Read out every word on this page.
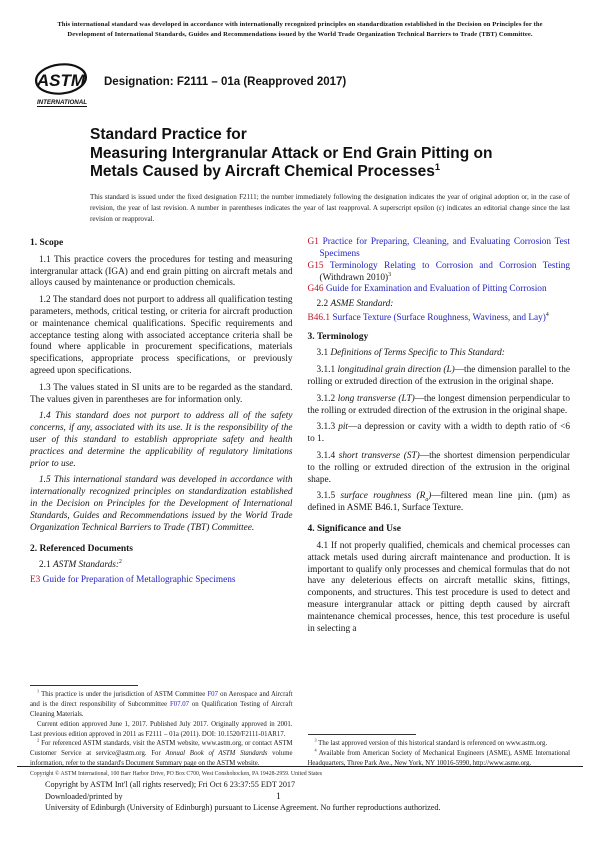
This international standard was developed in accordance with internationally recognized principles on standardization established in the Decision on Principles for the Development of International Standards, Guides and Recommendations issued by the World Trade Organization Technical Barriers to Trade (TBT) Committee.
ASTM
INTERNATIONAL
Designation: F2111 – 01a (Reapproved 2017)
Standard Practice for
Measuring Intergranular Attack or End Grain Pitting on
Metals Caused by Aircraft Chemical Processes$^1$

This standard is issued under the fixed designation F2111; the number immediately following the designation indicates the year of original adoption or, in the case of revision, the year of last revision. A number in parentheses indicates the year of last reapproval. A superscript epsilon (ε) indicates an editorial change since the last revision or reapproval.

1. Scope

1.1 This practice covers the procedures for testing and measuring intergranular attack (IGA) and end grain pitting on aircraft metals and alloys caused by maintenance or production chemicals.

1.2 The standard does not purport to address all qualification testing parameters, methods, critical testing, or criteria for aircraft production or maintenance chemical qualifications. Specific requirements and acceptance testing along with associated acceptance criteria shall be found where applicable in procurement specifications, materials specifications, appropriate process specifications, or previously agreed upon specifications.

1.3 The values stated in SI units are to be regarded as the standard. The values given in parentheses are for information only.

1.4 This standard does not purport to address all of the safety concerns, if any, associated with its use. It is the responsibility of the user of this standard to establish appropriate safety and health practices and determine the applicability of regulatory limitations prior to use.

1.5 This international standard was developed in accordance with internationally recognized principles on standardization established in the Decision on Principles for the Development of International Standards, Guides and Recommendations issued by the World Trade Organization Technical Barriers to Trade (TBT) Committee.

2. Referenced Documents

2.1 ASTM Standards:$^2$

E3 Guide for Preparation of Metallographic Specimens

$^1$ This practice is under the jurisdiction of ASTM Committee F07 on Aerospace and Aircraft and is the direct responsibility of Subcommittee F07.07 on Qualification Testing of Aircraft Cleaning Materials.

Current edition approved June 1, 2017. Published July 2017. Originally approved in 2001. Last previous edition approved in 2011 as F2111 – 01a (2011). DOI: 10.1520/F2111-01AR17.

$^2$ For referenced ASTM standards, visit the ASTM website, www.astm.org, or contact ASTM Customer Service at service@astm.org. For Annual Book of ASTM Standards volume information, refer to the standard's Document Summary page on the ASTM website.

G1 Practice for Preparing, Cleaning, and Evaluating Corrosion Test Specimens
G15 Terminology Relating to Corrosion and Corrosion Testing (Withdrawn 2010)$^3$
G46 Guide for Examination and Evaluation of Pitting Corrosion

2.2 ASME Standard:

B46.1 Surface Texture (Surface Roughness, Waviness, and Lay)$^4$
3. Terminology

3.1 Definitions of Terms Specific to This Standard:

3.1.1 longitudinal grain direction (L)—the dimension parallel to the rolling or extruded direction of the extrusion in the original shape.

3.1.2 long transverse (LT)—the longest dimension perpendicular to the rolling or extruded direction of the extrusion in the original shape.

3.1.3 pit—a depression or cavity with a width to depth ratio of <6 to 1.

3.1.4 short transverse (ST)—the shortest dimension perpendicular to the rolling or extruded direction of the extrusion in the original shape.

3.1.5 surface roughness $(R_a)—filtered$ mean line µin. (µm) as defined in ASME B46.1, Surface Texture.

4. Significance and Use

4.1 If not properly qualified, chemicals and chemical processes can attack metals used during aircraft maintenance and production. It is important to qualify only processes and chemical formulas that do not have any deleterious effects on aircraft metallic skins, fittings, components, and structures. This test procedure is used to detect and measure intergranular attack or pitting depth caused by aircraft maintenance chemical processes, hence, this test procedure is useful in selecting a

$^3$ The last approved version of this historical standard is referenced on www.astm.org.

$^4$ Available from American Society of Mechanical Engineers (ASME), ASME International Headquarters, Three Park Ave., New York, NY 10016-5990, http://www.asme.org.

Copyright © ASTM International, 100 Barr Harbor Drive, PO Box C700, West Conshohocken, PA 19428-2959. United States
Copyright by ASTM Int'l (all rights reserved); Fri Oct 6 23:37:55 EDT 2017
Downloaded/printed by
University of Edinburgh (University of Edinburgh) pursuant to License Agreement. No further reproductions authorized.
1
